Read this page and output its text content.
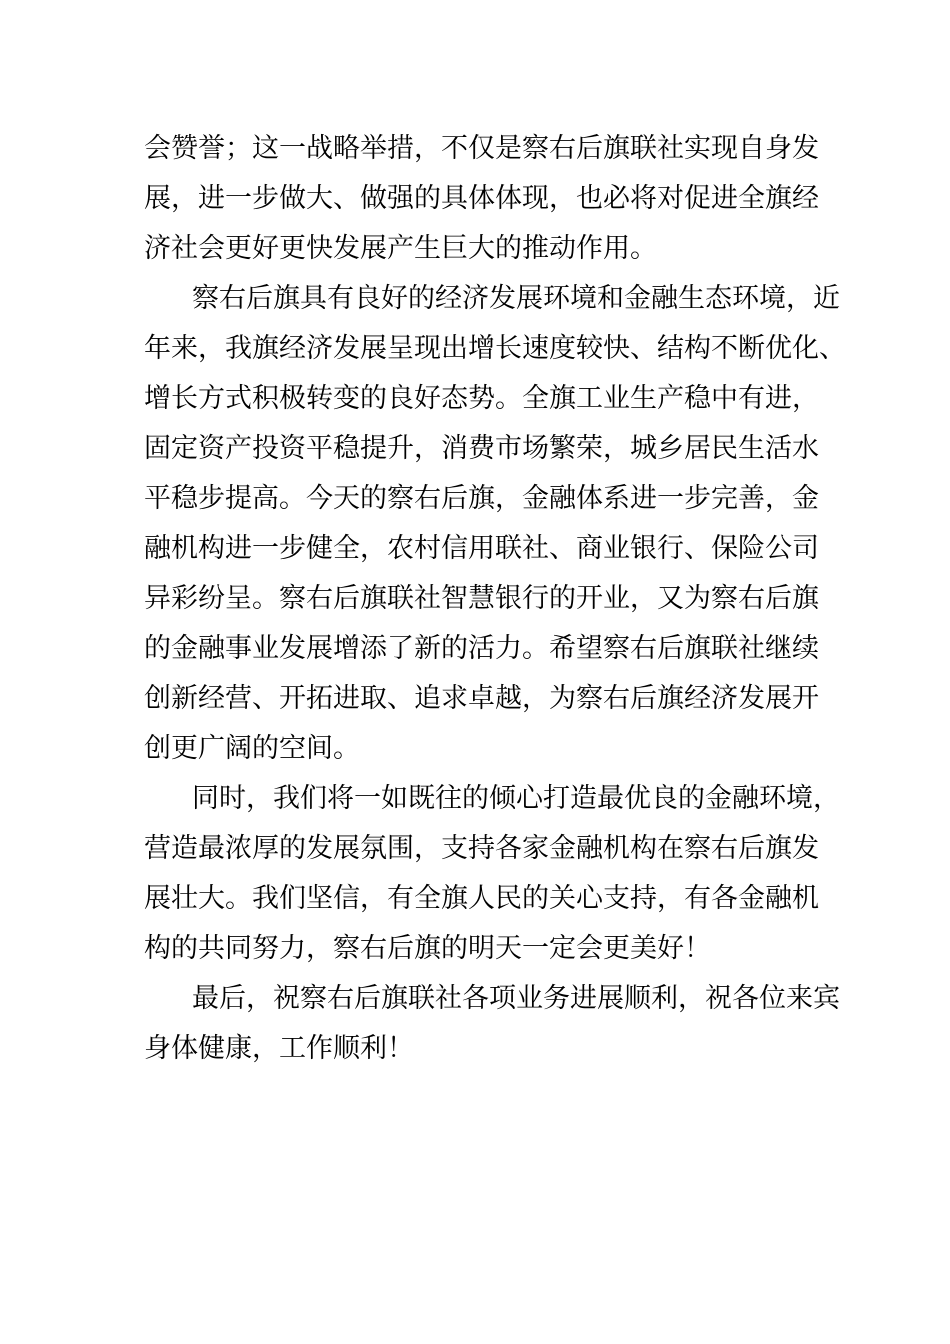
会赞誉；这一战略举措，不仅是察右后旗联社实现自身发
展，进一步做大、做强的具体体现，也必将对促进全旗经
济社会更好更快发展产生巨大的推动作用。
察右后旗具有良好的经济发展环境和金融生态环境，近
年来，我旗经济发展呈现出增长速度较快、结构不断优化、
增长方式积极转变的良好态势。全旗工业生产稳中有进，
固定资产投资平稳提升，消费市场繁荣，城乡居民生活水
平稳步提高。今天的察右后旗，金融体系进一步完善，金
融机构进一步健全，农村信用联社、商业银行、保险公司
异彩纷呈。察右后旗联社智慧银行的开业，又为察右后旗
的金融事业发展增添了新的活力。希望察右后旗联社继续
创新经营、开拓进取、追求卓越，为察右后旗经济发展开
创更广阔的空间。
同时，我们将一如既往的倾心打造最优良的金融环境，
营造最浓厚的发展氛围，支持各家金融机构在察右后旗发
展壮大。我们坚信，有全旗人民的关心支持，有各金融机
构的共同努力，察右后旗的明天一定会更美好！
最后，祝察右后旗联社各项业务进展顺利，祝各位来宾
身体健康，工作顺利！
